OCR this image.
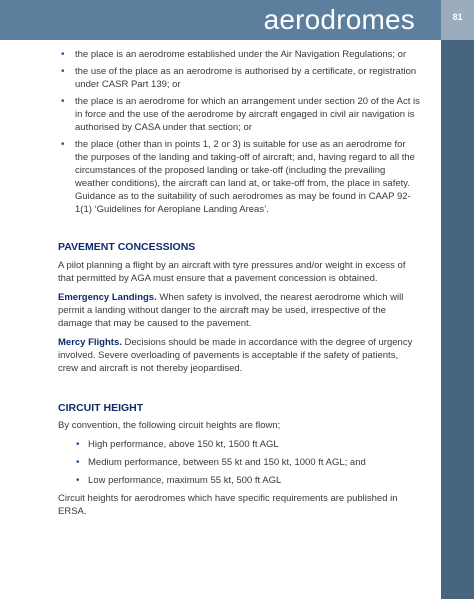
aerodromes	81
• the place is an aerodrome established under the Air Navigation Regulations; or
• the use of the place as an aerodrome is authorised by a certificate, or registration under CASR Part 139; or
• the place is an aerodrome for which an arrangement under section 20 of the Act is in force and the use of the aerodrome by aircraft engaged in civil air navigation is authorised by CASA under that section; or
• the place (other than in points 1, 2 or 3) is suitable for use as an aerodrome for the purposes of the landing and taking-off of aircraft; and, having regard to all the circumstances of the proposed landing or take-off (including the prevailing weather conditions), the aircraft can land at, or take-off from, the place in safety. Guidance as to the suitability of such aerodromes as may be found in CAAP 92-1(1) ‘Guidelines for Aeroplane Landing Areas’.
PAVEMENT CONCESSIONS

A pilot planning a flight by an aircraft with tyre pressures and/or weight in excess of that permitted by AGA must ensure that a pavement concession is obtained.

Emergency Landings. When safety is involved, the nearest aerodrome which will permit a landing without danger to the aircraft may be used, irrespective of the damage that may be caused to the pavement.

Mercy Flights. Decisions should be made in accordance with the degree of urgency involved. Severe overloading of pavements is acceptable if the safety of patients, crew and aircraft is not thereby jeopardised.

CIRCUIT HEIGHT

By convention, the following circuit heights are flown;

• High performance, above 150 kt, 1500 ft AGL
• Medium performance, between 55 kt and 150 kt, 1000 ft AGL; and
• Low performance, maximum 55 kt, 500 ft AGL

Circuit heights for aerodromes which have specific requirements are published in ERSA.
